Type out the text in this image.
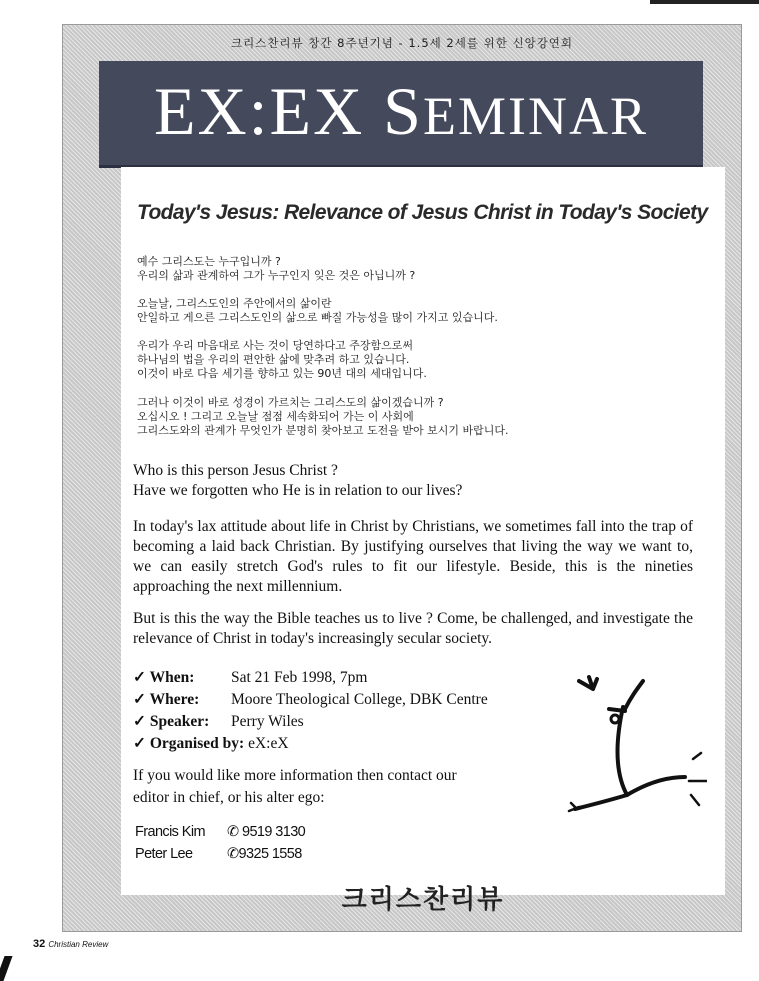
크리스찬리뷰 창간 8주년기념 - 1.5세 2세를 위한 신앙강연회
EX:EX SEMINAR
Today's Jesus: Relevance of Jesus Christ in Today's Society
예수 그리스도는 누구입니까 ?
우리의 삶과 관계하여 그가 누구인지 잊은 것은 아닙니까 ?
오늘날, 그리스도인의 주안에서의 삶이란
안일하고 게으른 그리스도인의 삶으로 빠질 가능성을 많이 가지고 있습니다.
우리가 우리 마음대로 사는 것이 당연하다고 주장함으로써
하나님의 법을 우리의 편안한 삶에 맞추려 하고 있습니다.
이것이 바로 다음 세기를 향하고 있는 90년 대의 세대입니다.
그러나 이것이 바로 성경이 가르치는 그리스도의 삶이겠습니까 ?
오십시오 ! 그리고 오늘날 점점 세속화되어 가는 이 사회에
그리스도와의 관계가 무엇인가 분명히 찾아보고 도전을 받아 보시기 바랍니다.
Who is this person Jesus Christ ?
Have we forgotten who He is in relation to our lives?
In today's lax attitude about life in Christ by Christians, we sometimes fall into the trap of becoming a laid back Christian. By justifying ourselves that living the way we want to, we can easily stretch God's rules to fit our lifestyle. Beside, this is the nineties approaching the next millennium.
But is this the way the Bible teaches us to live ? Come, be challenged, and investigate the relevance of Christ in today's increasingly secular society.
✓ When: Sat 21 Feb 1998, 7pm
✓ Where: Moore Theological College, DBK Centre
✓ Speaker: Perry Wiles
✓ Organised by: eX:eX
If you would like more information then contact our
editor in chief, or his alter ego:
Francis Kim ✆ 9519 3130
Peter Lee ✆9325 1558
크리스찬리뷰
32 Christian Review
